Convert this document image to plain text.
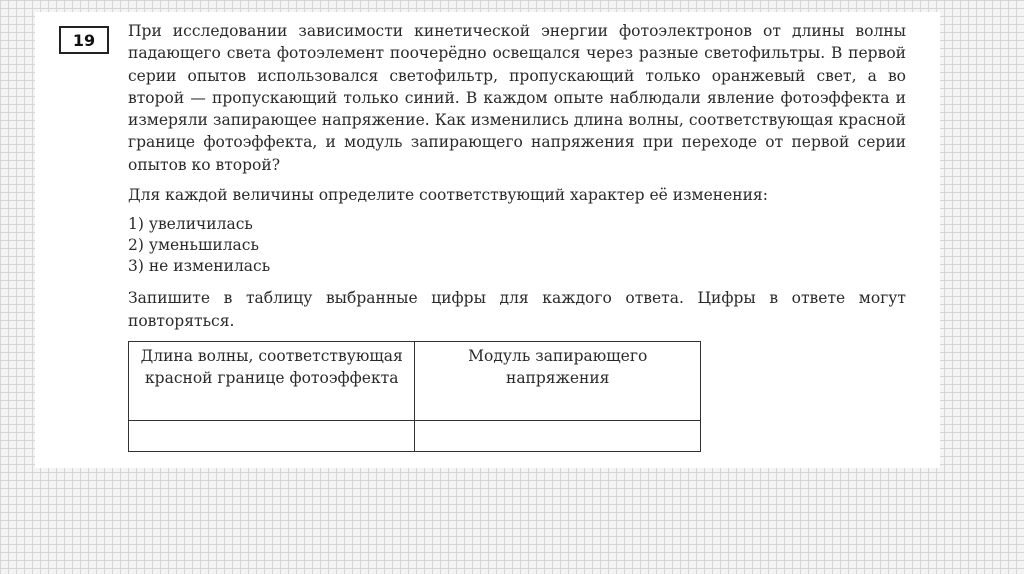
19	При исследовании зависимости кинетической энергии фотоэлектронов от длины волны падающего света фотоэлемент поочерёдно освещался через разные светофильтры. В первой серии опытов использовался светофильтр, пропускающий только оранжевый свет, а во второй — пропускающий только синий. В каждом опыте наблюдали явление фотоэффекта и измеряли запирающее напряжение. Как изменились длина волны, соответствующая красной границе фотоэффекта, и модуль запирающего напряжения при переходе от первой серии опытов ко второй?

Для каждой величины определите соответствующий характер её изменения:

1) увеличилась
2) уменьшилась
3) не изменилась

Запишите в таблицу выбранные цифры для каждого ответа. Цифры в ответе могут повторяться.

Длина волны, соответствующая красной границе фотоэффекта	Модуль запирающего напряжения
